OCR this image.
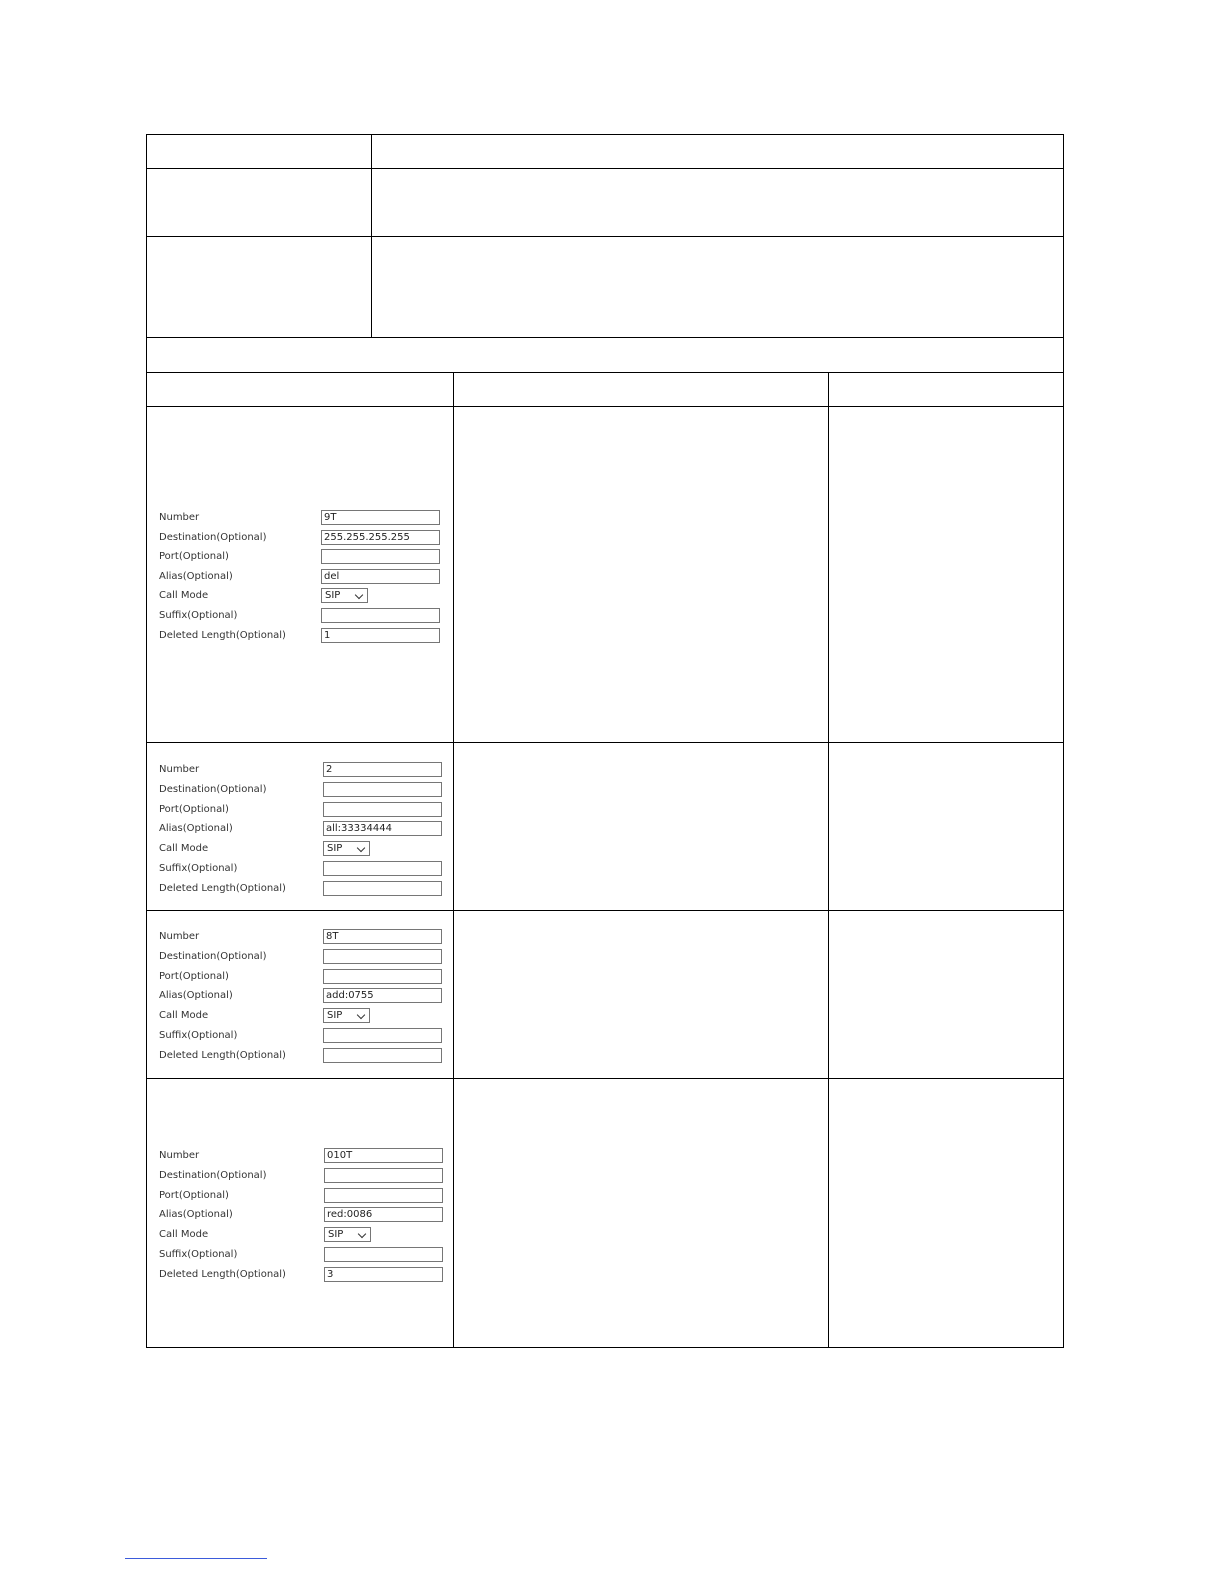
Number	9T
Destination(Optional)	255.255.255.255
Port(Optional)
Alias(Optional)	del
Call Mode	SIP
Suffix(Optional)
Deleted Length(Optional)	1
Number	2
Destination(Optional)
Port(Optional)
Alias(Optional)	all:33334444
Call Mode	SIP
Suffix(Optional)
Deleted Length(Optional)
Number	8T
Destination(Optional)
Port(Optional)
Alias(Optional)	add:0755
Call Mode	SIP
Suffix(Optional)
Deleted Length(Optional)
Number	010T
Destination(Optional)
Port(Optional)
Alias(Optional)	red:0086
Call Mode	SIP
Suffix(Optional)
Deleted Length(Optional)	3
